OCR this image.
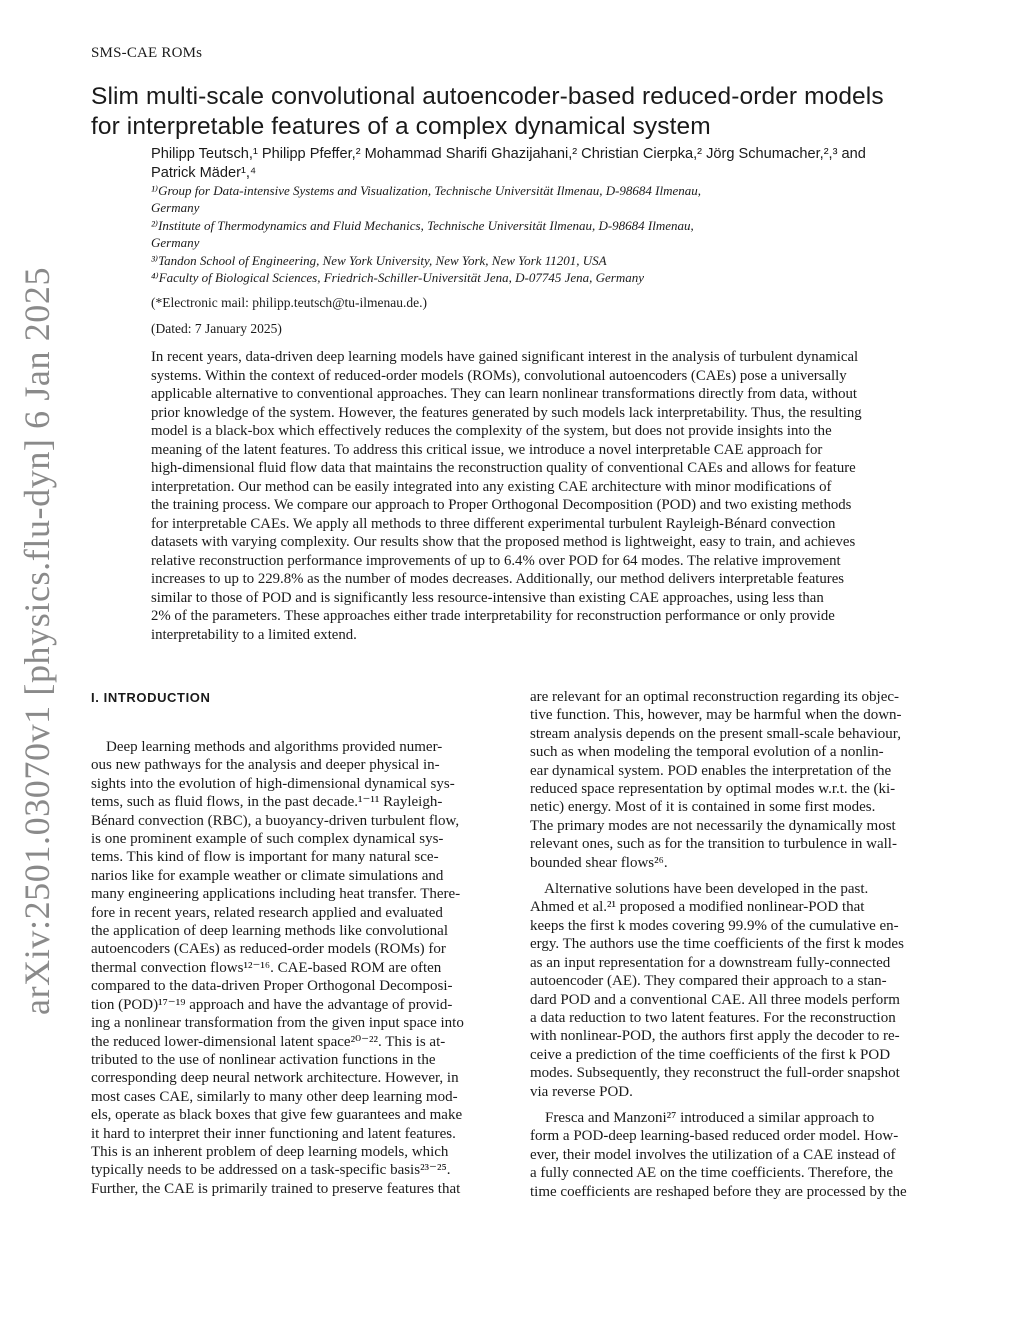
SMS-CAE ROMs
arXiv:2501.03070v1 [physics.flu-dyn] 6 Jan 2025
Slim multi-scale convolutional autoencoder-based reduced-order models
for interpretable features of a complex dynamical system
Philipp Teutsch,¹ Philipp Pfeffer,² Mohammad Sharifi Ghazijahani,² Christian Cierpka,² Jörg Schumacher,²,³ and
Patrick Mäder¹,⁴
¹⁾Group for Data-intensive Systems and Visualization, Technische Universität Ilmenau, D-98684 Ilmenau,
Germany
²⁾Institute of Thermodynamics and Fluid Mechanics, Technische Universität Ilmenau, D-98684 Ilmenau,
Germany
³⁾Tandon School of Engineering, New York University, New York, New York 11201, USA
⁴⁾Faculty of Biological Sciences, Friedrich-Schiller-Universität Jena, D-07745 Jena, Germany
(*Electronic mail: philipp.teutsch@tu-ilmenau.de.)
(Dated: 7 January 2025)
In recent years, data-driven deep learning models have gained significant interest in the analysis of turbulent dynamical
systems. Within the context of reduced-order models (ROMs), convolutional autoencoders (CAEs) pose a universally
applicable alternative to conventional approaches. They can learn nonlinear transformations directly from data, without
prior knowledge of the system. However, the features generated by such models lack interpretability. Thus, the resulting
model is a black-box which effectively reduces the complexity of the system, but does not provide insights into the
meaning of the latent features. To address this critical issue, we introduce a novel interpretable CAE approach for
high-dimensional fluid flow data that maintains the reconstruction quality of conventional CAEs and allows for feature
interpretation. Our method can be easily integrated into any existing CAE architecture with minor modifications of
the training process. We compare our approach to Proper Orthogonal Decomposition (POD) and two existing methods
for interpretable CAEs. We apply all methods to three different experimental turbulent Rayleigh-Bénard convection
datasets with varying complexity. Our results show that the proposed method is lightweight, easy to train, and achieves
relative reconstruction performance improvements of up to 6.4% over POD for 64 modes. The relative improvement
increases to up to 229.8% as the number of modes decreases. Additionally, our method delivers interpretable features
similar to those of POD and is significantly less resource-intensive than existing CAE approaches, using less than
2% of the parameters. These approaches either trade interpretability for reconstruction performance or only provide
interpretability to a limited extend.
I. INTRODUCTION
Deep learning methods and algorithms provided numer-
ous new pathways for the analysis and deeper physical in-
sights into the evolution of high-dimensional dynamical sys-
tems, such as fluid flows, in the past decade.¹⁻¹¹ Rayleigh-
Bénard convection (RBC), a buoyancy-driven turbulent flow,
is one prominent example of such complex dynamical sys-
tems. This kind of flow is important for many natural sce-
narios like for example weather or climate simulations and
many engineering applications including heat transfer. There-
fore in recent years, related research applied and evaluated
the application of deep learning methods like convolutional
autoencoders (CAEs) as reduced-order models (ROMs) for
thermal convection flows¹²⁻¹⁶. CAE-based ROM are often
compared to the data-driven Proper Orthogonal Decomposi-
tion (POD)¹⁷⁻¹⁹ approach and have the advantage of provid-
ing a nonlinear transformation from the given input space into
the reduced lower-dimensional latent space²⁰⁻²². This is at-
tributed to the use of nonlinear activation functions in the
corresponding deep neural network architecture. However, in
most cases CAE, similarly to many other deep learning mod-
els, operate as black boxes that give few guarantees and make
it hard to interpret their inner functioning and latent features.
This is an inherent problem of deep learning models, which
typically needs to be addressed on a task-specific basis²³⁻²⁵.
Further, the CAE is primarily trained to preserve features that
are relevant for an optimal reconstruction regarding its objec-
tive function. This, however, may be harmful when the down-
stream analysis depends on the present small-scale behaviour,
such as when modeling the temporal evolution of a nonlin-
ear dynamical system. POD enables the interpretation of the
reduced space representation by optimal modes w.r.t. the (ki-
netic) energy. Most of it is contained in some first modes.
The primary modes are not necessarily the dynamically most
relevant ones, such as for the transition to turbulence in wall-
bounded shear flows²⁶.
Alternative solutions have been developed in the past.
Ahmed et al.²¹ proposed a modified nonlinear-POD that
keeps the first k modes covering 99.9% of the cumulative en-
ergy. The authors use the time coefficients of the first k modes
as an input representation for a downstream fully-connected
autoencoder (AE). They compared their approach to a stan-
dard POD and a conventional CAE. All three models perform
a data reduction to two latent features. For the reconstruction
with nonlinear-POD, the authors first apply the decoder to re-
ceive a prediction of the time coefficients of the first k POD
modes. Subsequently, they reconstruct the full-order snapshot
via reverse POD.
Fresca and Manzoni²⁷ introduced a similar approach to
form a POD-deep learning-based reduced order model. How-
ever, their model involves the utilization of a CAE instead of
a fully connected AE on the time coefficients. Therefore, the
time coefficients are reshaped before they are processed by the
